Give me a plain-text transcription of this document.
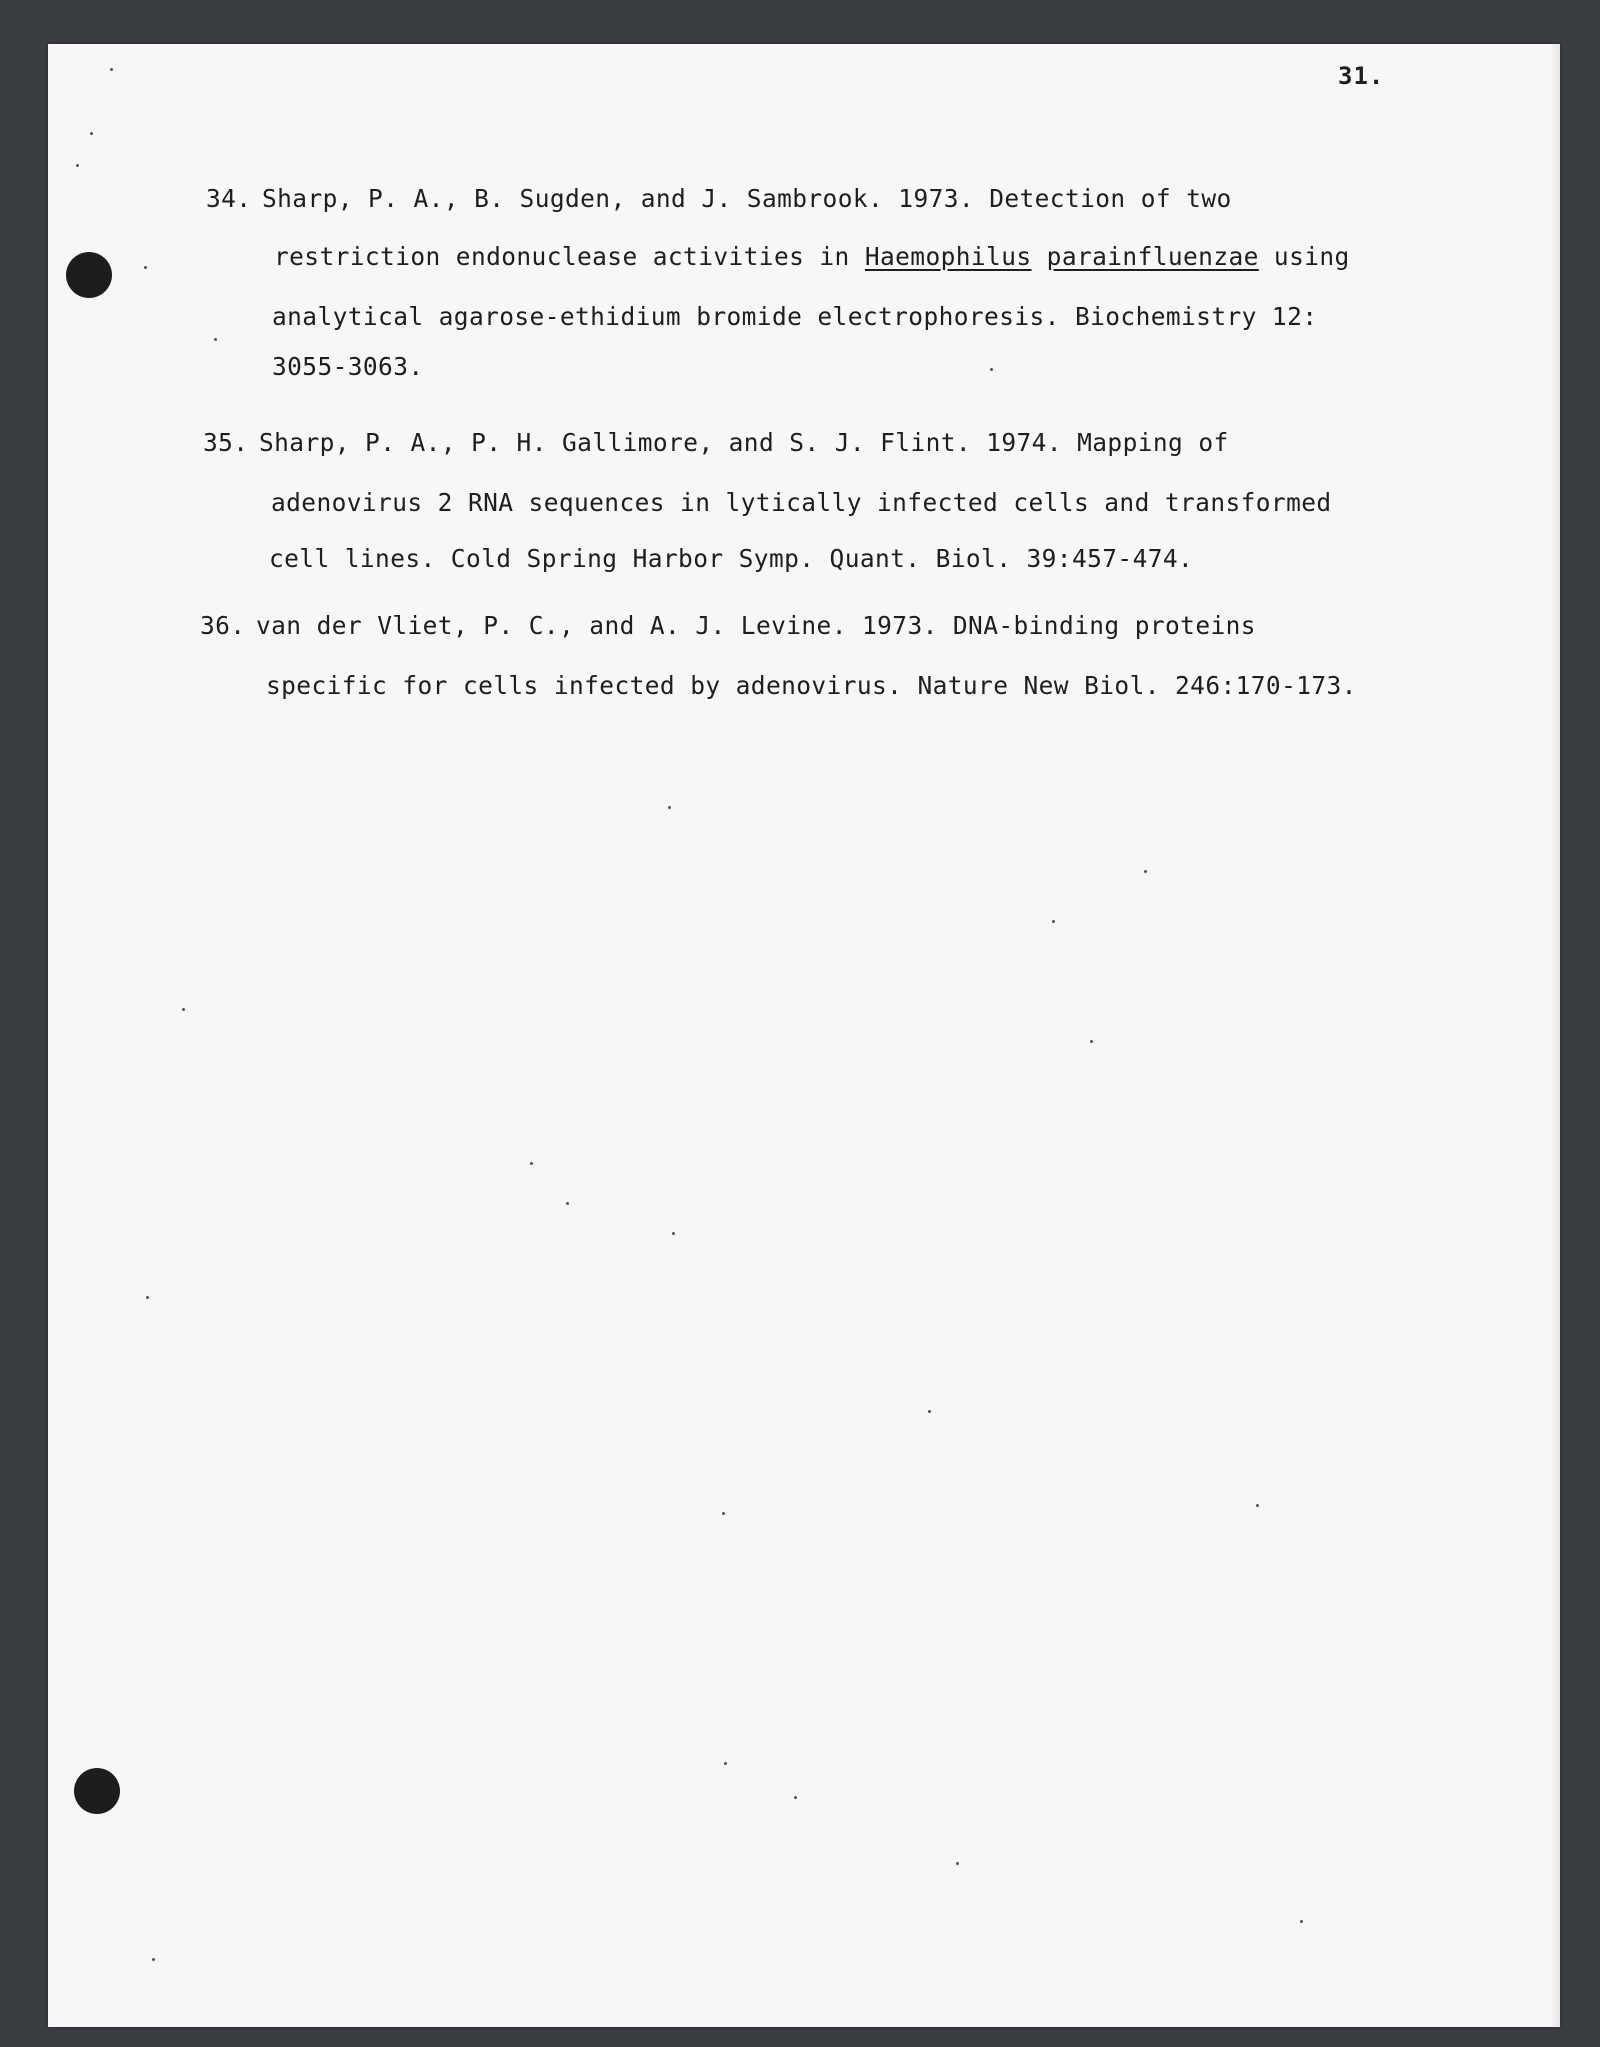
31.
34. Sharp, P. A., B. Sugden, and J. Sambrook. 1973. Detection of two
restriction endonuclease activities in Haemophilus parainfluenzae using
analytical agarose-ethidium bromide electrophoresis. Biochemistry 12:
3055-3063.
35. Sharp, P. A., P. H. Gallimore, and S. J. Flint. 1974. Mapping of
adenovirus 2 RNA sequences in lytically infected cells and transformed
cell lines. Cold Spring Harbor Symp. Quant. Biol. 39:457-474.
36. van der Vliet, P. C., and A. J. Levine. 1973. DNA-binding proteins
specific for cells infected by adenovirus. Nature New Biol. 246:170-173.
